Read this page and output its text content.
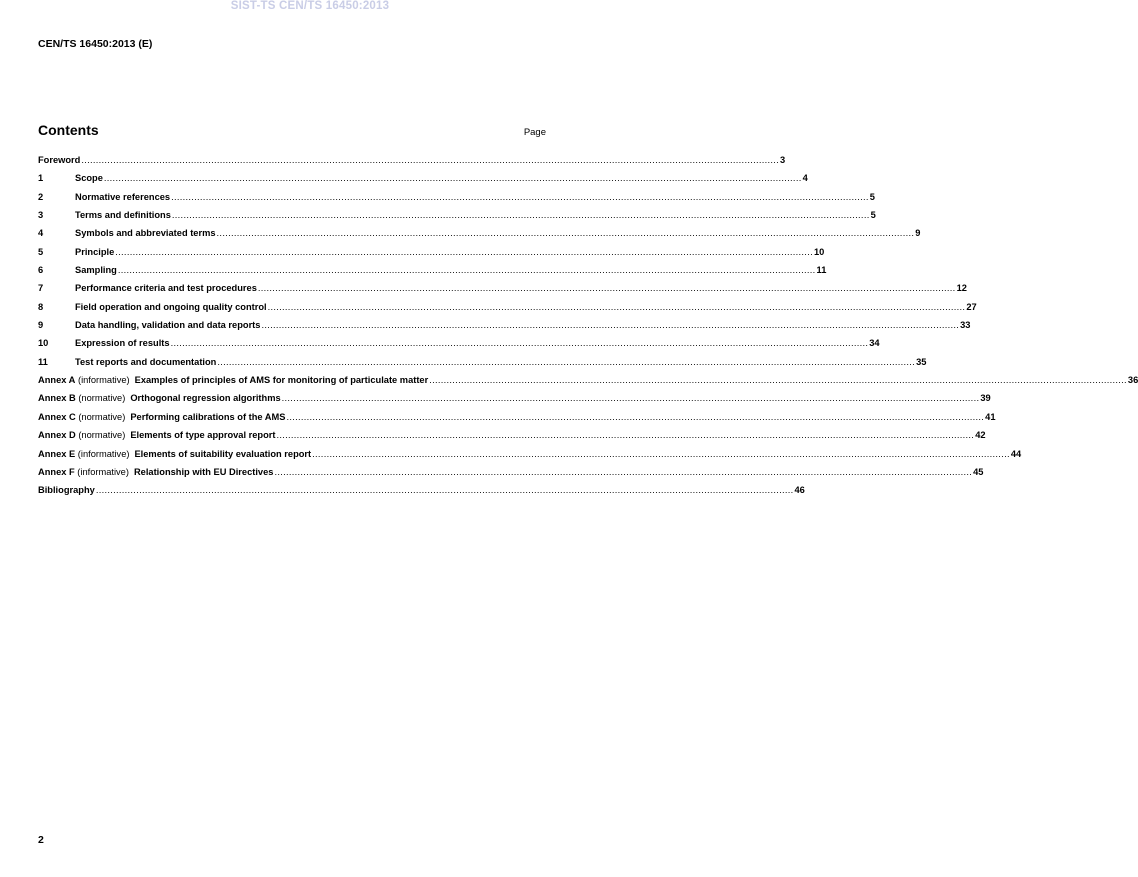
SIST-TS CEN/TS 16450:2013
CEN/TS 16450:2013 (E)
Contents	Page
Foreword .................................................................................................................................................................................................................................................. 3
1	Scope .................................................................................................................................................................................................................................................. 4
2	Normative references .................................................................................................................................................................................................................................................. 5
3	Terms and definitions .................................................................................................................................................................................................................................................. 5
4	Symbols and abbreviated terms .................................................................................................................................................................................................................................................. 9
5	Principle .................................................................................................................................................................................................................................................. 10
6	Sampling .................................................................................................................................................................................................................................................. 11
7	Performance criteria and test procedures .................................................................................................................................................................................................................................................. 12
8	Field operation and ongoing quality control .................................................................................................................................................................................................................................................. 27
9	Data handling, validation and data reports .................................................................................................................................................................................................................................................. 33
10	Expression of results .................................................................................................................................................................................................................................................. 34
11	Test reports and documentation .................................................................................................................................................................................................................................................. 35
Annex A (informative) Examples of principles of AMS for monitoring of particulate matter .................................................................................................................................................................................................................................................. 36
Annex B (normative) Orthogonal regression algorithms .................................................................................................................................................................................................................................................. 39
Annex C (normative) Performing calibrations of the AMS .................................................................................................................................................................................................................................................. 41
Annex D (normative) Elements of type approval report .................................................................................................................................................................................................................................................. 42
Annex E (informative) Elements of suitability evaluation report .................................................................................................................................................................................................................................................. 44
Annex F (informative) Relationship with EU Directives .................................................................................................................................................................................................................................................. 45
Bibliography .................................................................................................................................................................................................................................................. 46
2
